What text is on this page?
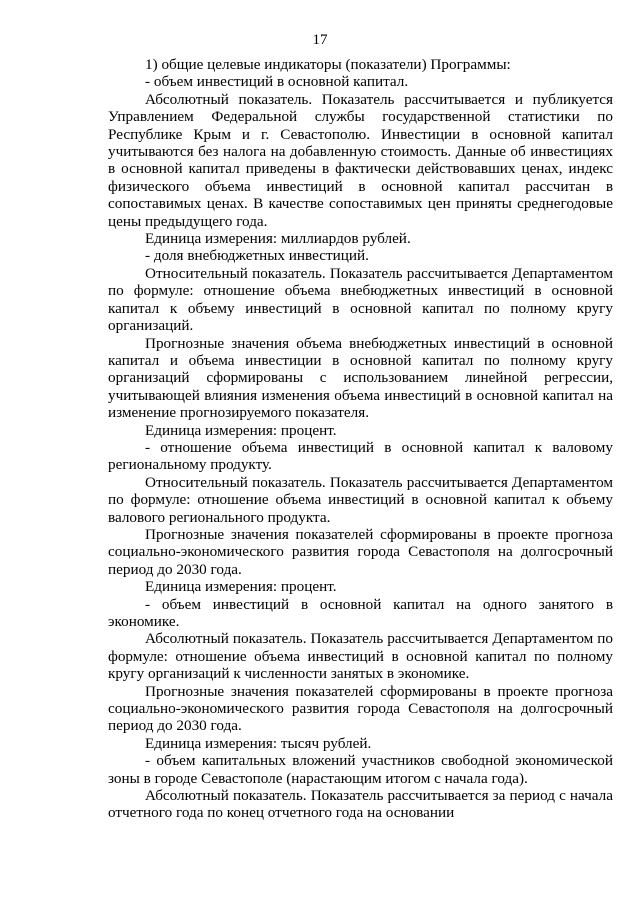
17

1) общие целевые индикаторы (показатели) Программы:

- объем инвестиций в основной капитал.

Абсолютный показатель. Показатель рассчитывается и публикуется Управлением Федеральной службы государственной статистики по Республике Крым и г. Севастополю. Инвестиции в основной капитал учитываются без налога на добавленную стоимость. Данные об инвестициях в основной капитал приведены в фактически действовавших ценах, индекс физического объема инвестиций в основной капитал рассчитан в сопоставимых ценах. В качестве сопоставимых цен приняты среднегодовые цены предыдущего года.

Единица измерения: миллиардов рублей.

- доля внебюджетных инвестиций.

Относительный показатель. Показатель рассчитывается Департаментом по формуле: отношение объема внебюджетных инвестиций в основной капитал к объему инвестиций в основной капитал по полному кругу организаций.

Прогнозные значения объема внебюджетных инвестиций в основной капитал и объема инвестиции в основной капитал по полному кругу организаций сформированы с использованием линейной регрессии, учитывающей влияния изменения объема инвестиций в основной капитал на изменение прогнозируемого показателя.

Единица измерения: процент.

- отношение объема инвестиций в основной капитал к валовому региональному продукту.

Относительный показатель. Показатель рассчитывается Департаментом по формуле: отношение объема инвестиций в основной капитал к объему валового регионального продукта.

Прогнозные значения показателей сформированы в проекте прогноза социально-экономического развития города Севастополя на долгосрочный период до 2030 года.

Единица измерения: процент.

- объем инвестиций в основной капитал на одного занятого в экономике.

Абсолютный показатель. Показатель рассчитывается Департаментом по формуле: отношение объема инвестиций в основной капитал по полному кругу организаций к численности занятых в экономике.

Прогнозные значения показателей сформированы в проекте прогноза социально-экономического развития города Севастополя на долгосрочный период до 2030 года.

Единица измерения: тысяч рублей.

- объем капитальных вложений участников свободной экономической зоны в городе Севастополе (нарастающим итогом с начала года).

Абсолютный показатель. Показатель рассчитывается за период с начала отчетного года по конец отчетного года на основании
